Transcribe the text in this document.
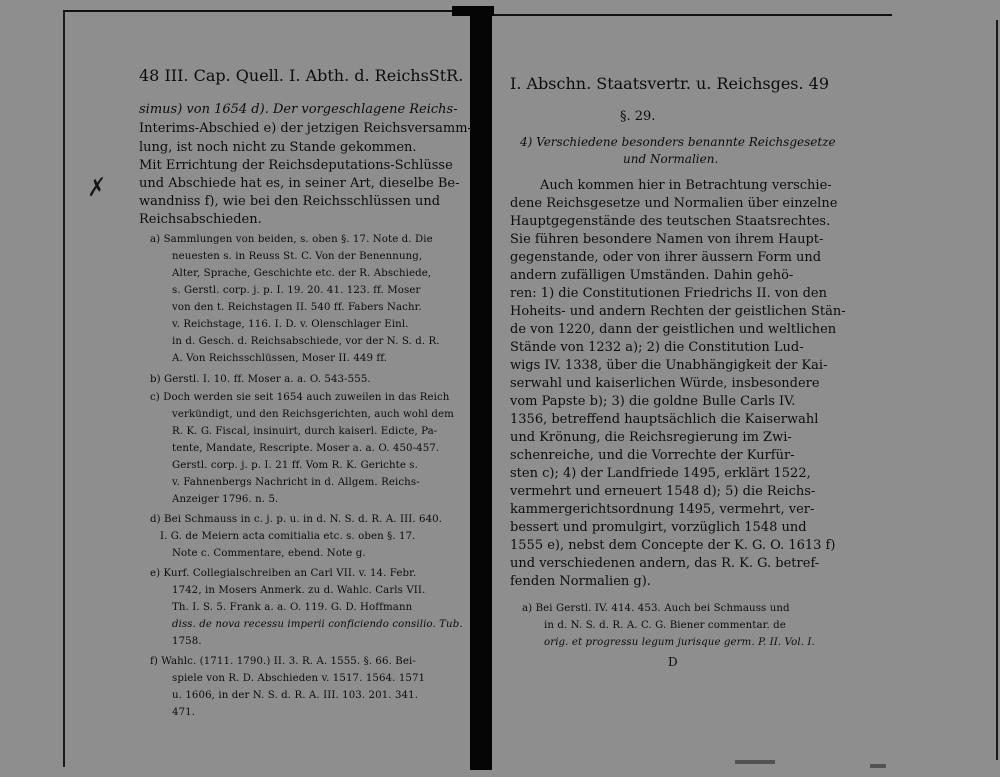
48 III. Cap. Quell. I. Abth. d. ReichsStR.
✗
simus) von 1654 d). Der vorgeschlagene Reichs-
Interims-Abschied e) der jetzigen Reichsversamm-
lung, ist noch nicht zu Stande gekommen.
Mit Errichtung der Reichsdeputations-Schlüsse
und Abschiede hat es, in seiner Art, dieselbe Be-
wandniss f), wie bei den Reichsschlüssen und
Reichsabschieden.
a) Sammlungen von beiden, s. oben §. 17. Note d. Die
neuesten s. in Reuss St. C. Von der Benennung,
Alter, Sprache, Geschichte etc. der R. Abschiede,
s. Gerstl. corp. j. p. I. 19. 20. 41. 123. ff. Moser
von den t. Reichstagen II. 540 ff. Fabers Nachr.
v. Reichstage, 116. I. D. v. Olenschlager Einl.
in d. Gesch. d. Reichsabschiede, vor der N. S. d. R.
A. Von Reichsschlüssen, Moser II. 449 ff.
b) Gerstl. I. 10. ff. Moser a. a. O. 543-555.
c) Doch werden sie seit 1654 auch zuweilen in das Reich
verkündigt, und den Reichsgerichten, auch wohl dem
R. K. G. Fiscal, insinuirt, durch kaiserl. Edicte, Pa-
tente, Mandate, Rescripte. Moser a. a. O. 450-457.
Gerstl. corp. j. p. I. 21 ff. Vom R. K. Gerichte s.
v. Fahnenbergs Nachricht in d. Allgem. Reichs-
Anzeiger 1796. n. 5.
d) Bei Schmauss in c. j. p. u. in d. N. S. d. R. A. III. 640.
I. G. de Meiern acta comitialia etc. s. oben §. 17.
Note c. Commentare, ebend. Note g.
e) Kurf. Collegialschreiben an Carl VII. v. 14. Febr.
1742, in Mosers Anmerk. zu d. Wahlc. Carls VII.
Th. I. S. 5. Frank a. a. O. 119. G. D. Hoffmann
diss. de nova recessu imperii conficiendo consilio. Tub.
1758.
f) Wahlc. (1711. 1790.) II. 3. R. A. 1555. §. 66. Bei-
spiele von R. D. Abschieden v. 1517. 1564. 1571
u. 1606, in der N. S. d. R. A. III. 103. 201. 341.
471.
I. Abschn. Staatsvertr. u. Reichsges. 49
§. 29.
4) Verschiedene besonders benannte Reichsgesetze
und Normalien.
Auch kommen hier in Betrachtung verschie-
dene Reichsgesetze und Normalien über einzelne
Hauptgegenstände des teutschen Staatsrechtes.
Sie führen besondere Namen von ihrem Haupt-
gegenstande, oder von ihrer äussern Form und
andern zufälligen Umständen. Dahin gehö-
ren: 1) die Constitutionen Friedrichs II. von den
Hoheits- und andern Rechten der geistlichen Stän-
de von 1220, dann der geistlichen und weltlichen
Stände von 1232 a); 2) die Constitution Lud-
wigs IV. 1338, über die Unabhängigkeit der Kai-
serwahl und kaiserlichen Würde, insbesondere
vom Papste b); 3) die goldne Bulle Carls IV.
1356, betreffend hauptsächlich die Kaiserwahl
und Krönung, die Reichsregierung im Zwi-
schenreiche, und die Vorrechte der Kurfür-
sten c); 4) der Landfriede 1495, erklärt 1522,
vermehrt und erneuert 1548 d); 5) die Reichs-
kammergerichtsordnung 1495, vermehrt, ver-
bessert und promulgirt, vorzüglich 1548 und
1555 e), nebst dem Concepte der K. G. O. 1613 f)
und verschiedenen andern, das R. K. G. betref-
fenden Normalien g).
a) Bei Gerstl. IV. 414. 453. Auch bei Schmauss und
in d. N. S. d. R. A. C. G. Biener commentar. de
orig. et progressu legum jurisque germ. P. II. Vol. I.
D
